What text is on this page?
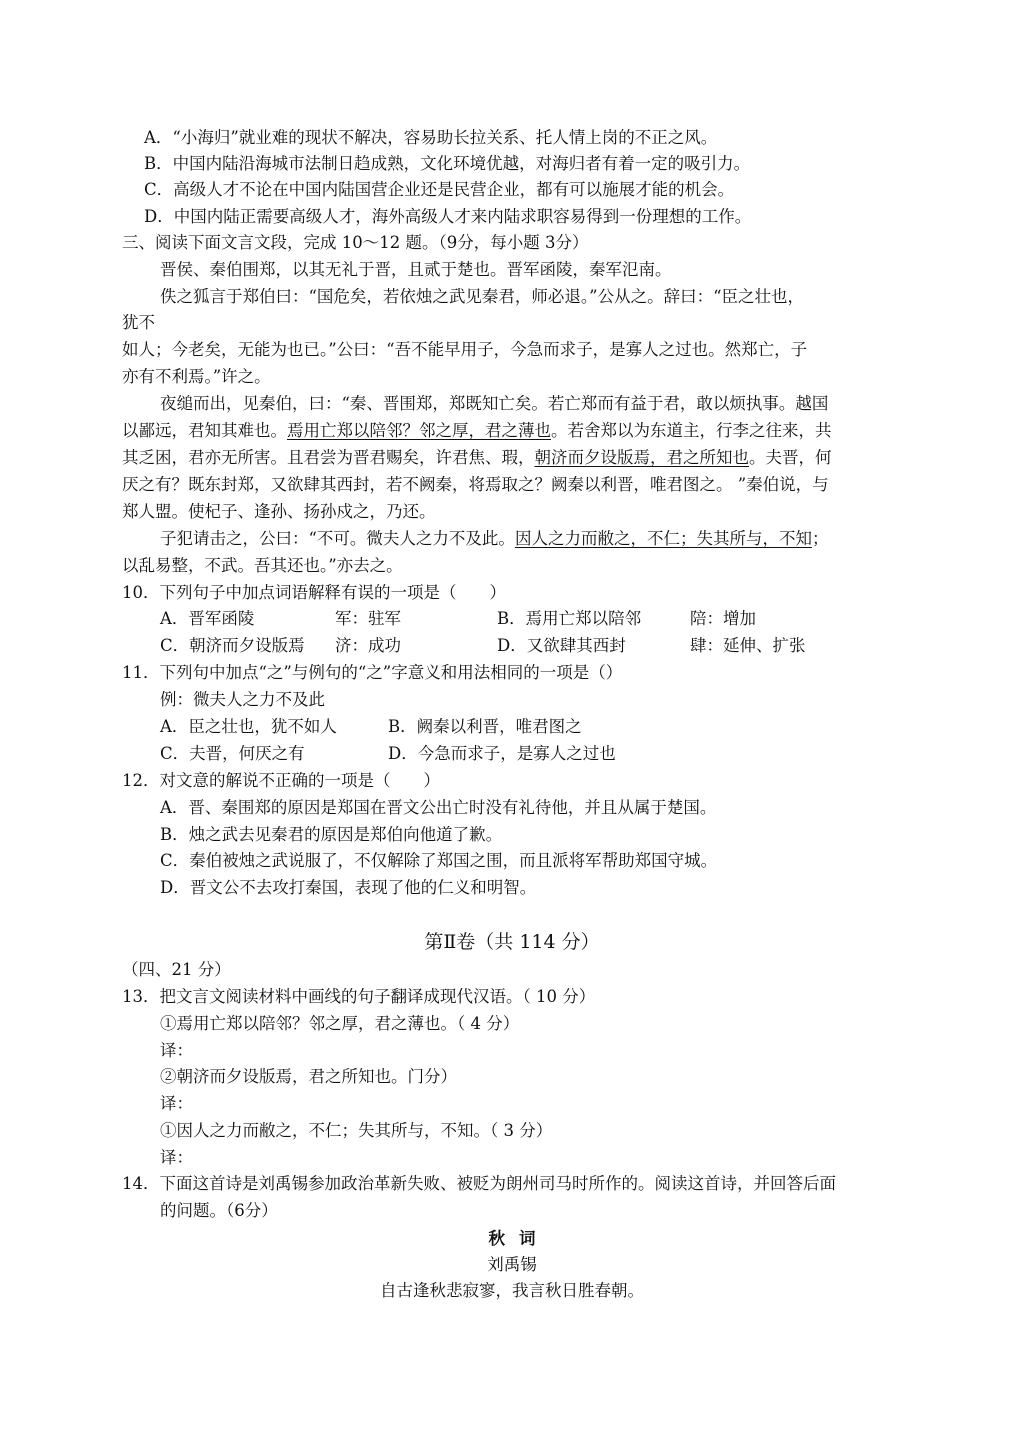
A．“小海归”就业难的现状不解决，容易助长拉关系、托人情上岗的不正之风。
B．中国内陆沿海城市法制日趋成熟，文化环境优越，对海归者有着一定的吸引力。
C．高级人才不论在中国内陆国营企业还是民营企业，都有可以施展才能的机会。
D．中国内陆正需要高级人才，海外高级人才来内陆求职容易得到一份理想的工作。
三、阅读下面文言文段，完成 10～12 题。（9分，每小题 3分）
晋侯、秦伯围郑，以其无礼于晋，且贰于楚也。晋军函陵，秦军氾南。
佚之狐言于郑伯曰：“国危矣，若依烛之武见秦君，师必退。”公从之。辞曰：“臣之壮也，
犹不
如人；今老矣，无能为也已。”公曰：“吾不能早用子，今急而求子，是寡人之过也。然郑亡，子
亦有不利焉。”许之。
夜缒而出，见秦伯，曰：“秦、晋围郑，郑既知亡矣。若亡郑而有益于君，敢以烦执事。越国
以鄙远，君知其难也。焉用亡郑以陪邻？邻之厚，君之薄也。若舍郑以为东道主，行李之往来，共
其乏困，君亦无所害。且君尝为晋君赐矣，许君焦、瑕，朝济而夕设版焉，君之所知也。夫晋，何
厌之有？既东封郑，又欲肆其西封，若不阙秦，将焉取之？阙秦以利晋，唯君图之。 ”秦伯说，与
郑人盟。使杞子、逢孙、扬孙戍之，乃还。
子犯请击之，公曰：“不可。微夫人之力不及此。因人之力而敝之，不仁；失其所与，不知；
以乱易整，不武。吾其还也。”亦去之。
10．下列句子中加点词语解释有误的一项是（　　）
A．晋军函陵	军：驻军	B．焉用亡郑以陪邻	陪：增加
C．朝济而夕设版焉 济：成功	D．又欲肆其西封	肆：延伸、扩张
11．下列句中加点“之”与例句的“之”字意义和用法相同的一项是（）
例：微夫人之力不及此
A．臣之壮也，犹不如人	B．阙秦以利晋，唯君图之
C．夫晋，何厌之有	D．今急而求子，是寡人之过也
12．对文意的解说不正确的一项是（　　）
A．晋、秦围郑的原因是郑国在晋文公出亡时没有礼待他，并且从属于楚国。
B．烛之武去见秦君的原因是郑伯向他道了歉。
C．秦伯被烛之武说服了，不仅解除了郑国之围，而且派将军帮助郑国守城。
D．晋文公不去攻打秦国，表现了他的仁义和明智。
第Ⅱ卷（共 114 分）
（四、21 分）
13．把文言文阅读材料中画线的句子翻译成现代汉语。（ 10 分）
①焉用亡郑以陪邻？邻之厚，君之薄也。（ 4 分）
译：
②朝济而夕设版焉，君之所知也。门分）
译：
①因人之力而敝之，不仁；失其所与，不知。（ 3 分）
译：
14．下面这首诗是刘禹锡参加政治革新失败、被贬为朗州司马时所作的。阅读这首诗，并回答后面
的问题。（6分）
秋词
刘禹锡
自古逢秋悲寂寥，我言秋日胜春朝。
